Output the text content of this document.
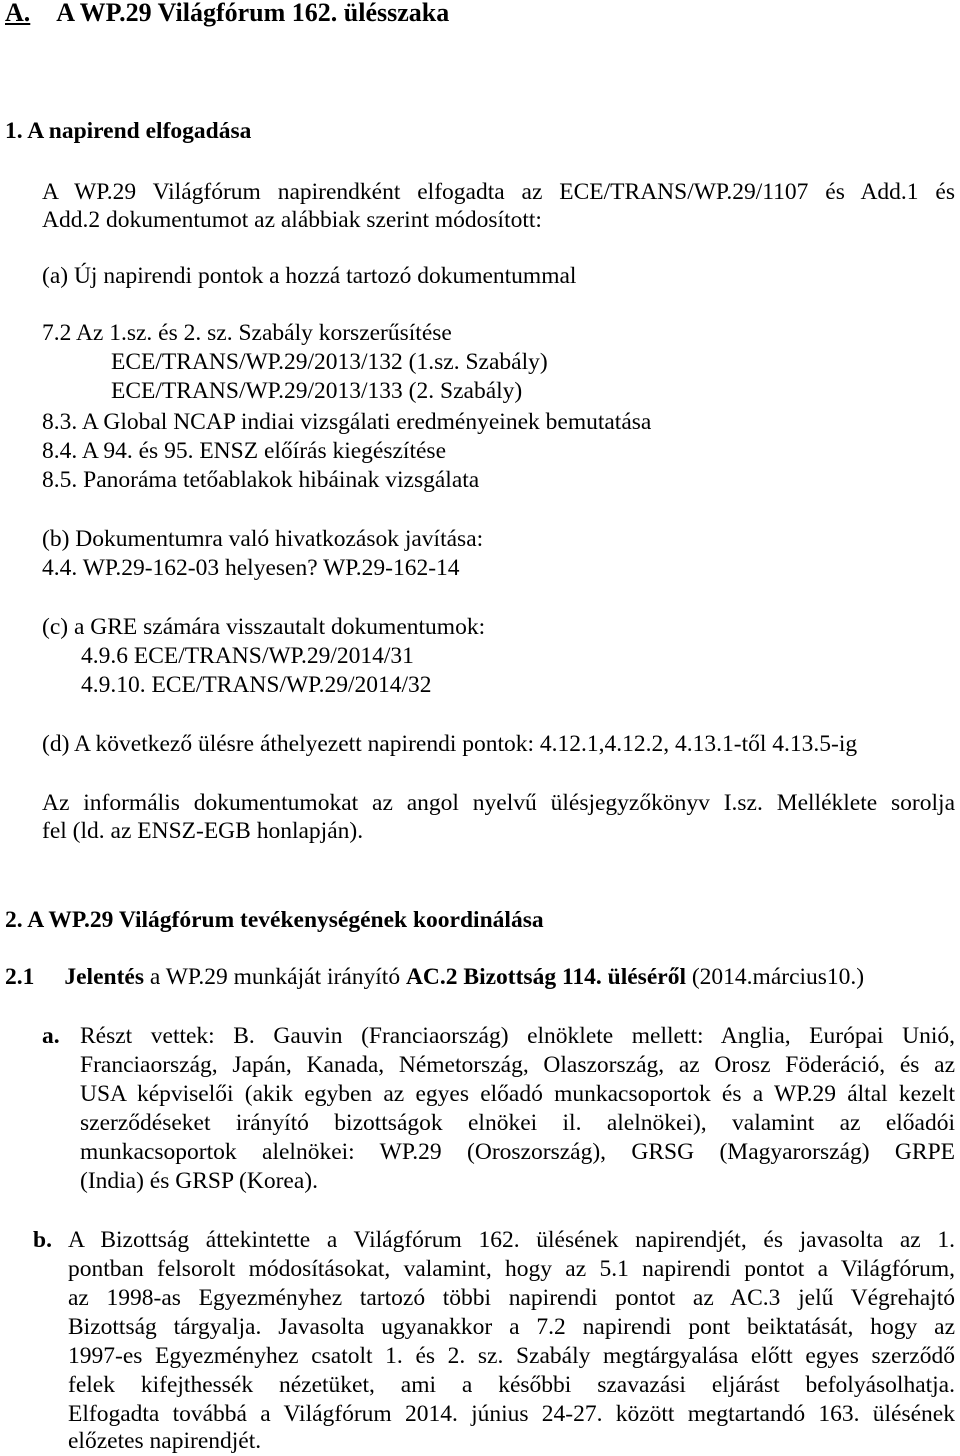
A. A WP.29 Világfórum 162. ülésszaka
1. A napirend elfogadása
A WP.29 Világfórum napirendként elfogadta az ECE/TRANS/WP.29/1107 és Add.1 és
Add.2 dokumentumot az alábbiak szerint módosított:
(a) Új napirendi pontok a hozzá tartozó dokumentummal
7.2 Az 1.sz. és 2. sz. Szabály korszerűsítése
ECE/TRANS/WP.29/2013/132 (1.sz. Szabály)
ECE/TRANS/WP.29/2013/133 (2. Szabály)
8.3. A Global NCAP indiai vizsgálati eredményeinek bemutatása
8.4. A 94. és 95. ENSZ előírás kiegészítése
8.5. Panoráma tetőablakok hibáinak vizsgálata
(b) Dokumentumra való hivatkozások javítása:
4.4. WP.29-162-03 helyesen? WP.29-162-14
(c) a GRE számára visszautalt dokumentumok:
4.9.6 ECE/TRANS/WP.29/2014/31
4.9.10. ECE/TRANS/WP.29/2014/32
(d) A következő ülésre áthelyezett napirendi pontok: 4.12.1,4.12.2, 4.13.1-től 4.13.5-ig
Az informális dokumentumokat az angol nyelvű ülésjegyzőkönyv I.sz. Melléklete sorolja
fel (ld. az ENSZ-EGB honlapján).
2. A WP.29 Világfórum tevékenységének koordinálása
2.1 Jelentés a WP.29 munkáját irányító AC.2 Bizottság 114. üléséről (2014.március10.)
a. Részt vettek: B. Gauvin (Franciaország) elnöklete mellett: Anglia, Európai Unió,
Franciaország, Japán, Kanada, Németország, Olaszország, az Orosz Föderáció, és az
USA képviselői (akik egyben az egyes előadó munkacsoportok és a WP.29 által kezelt
szerződéseket irányító bizottságok elnökei il. alelnökei), valamint az előadói
munkacsoportok alelnökei: WP.29 (Oroszország), GRSG (Magyarország) GRPE
(India) és GRSP (Korea).
b. A Bizottság áttekintette a Világfórum 162. ülésének napirendjét, és javasolta az 1.
pontban felsorolt módosításokat, valamint, hogy az 5.1 napirendi pontot a Világfórum,
az 1998-as Egyezményhez tartozó többi napirendi pontot az AC.3 jelű Végrehajtó
Bizottság tárgyalja. Javasolta ugyanakkor a 7.2 napirendi pont beiktatását, hogy az
1997-es Egyezményhez csatolt 1. és 2. sz. Szabály megtárgyalása előtt egyes szerződő
felek kifejthessék nézetüket, ami a későbbi szavazási eljárást befolyásolhatja.
Elfogadta továbbá a Világfórum 2014. június 24-27. között megtartandó 163. ülésének
előzetes napirendjét.
